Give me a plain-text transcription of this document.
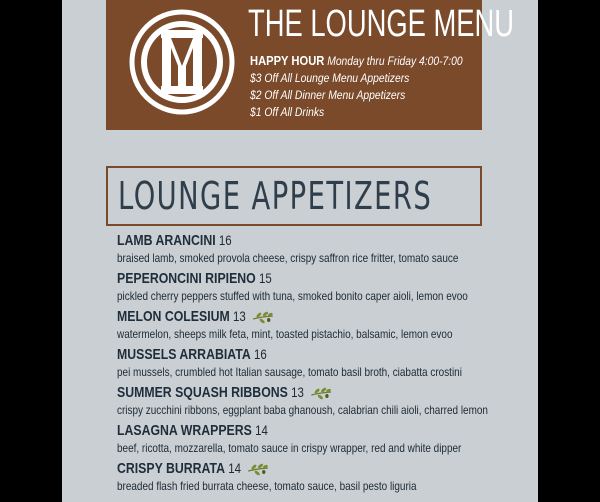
THE LOUNGE MENU
HAPPY HOUR Monday thru Friday 4:00-7:00
$3 Off All Lounge Menu Appetizers
$2 Off All Dinner Menu Appetizers
$1 Off All Drinks
LOUNGE APPETIZERS
LAMB ARANCINI 16
braised lamb, smoked provola cheese, crispy saffron rice fritter, tomato sauce
PEPERONCINI RIPIENO 15
pickled cherry peppers stuffed with tuna, smoked bonito caper aioli, lemon evoo
MELON COLESIUM 13
watermelon, sheeps milk feta, mint, toasted pistachio, balsamic, lemon evoo
MUSSELS ARRABIATA 16
pei mussels, crumbled hot Italian sausage, tomato basil broth, ciabatta crostini
SUMMER SQUASH RIBBONS 13
crispy zucchini ribbons, eggplant baba ghanoush, calabrian chili aioli, charred lemon
LASAGNA WRAPPERS 14
beef, ricotta, mozzarella, tomato sauce in crispy wrapper, red and white dipper
CRISPY BURRATA 14
breaded flash fried burrata cheese, tomato sauce, basil pesto liguria
